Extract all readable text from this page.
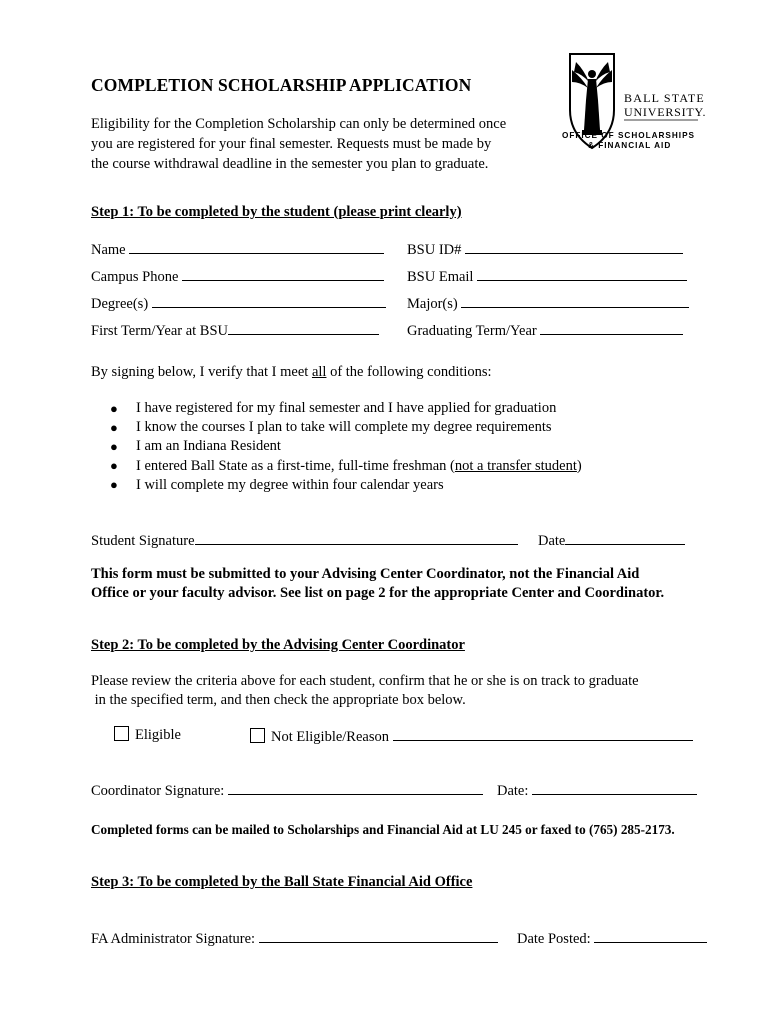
COMPLETION SCHOLARSHIP APPLICATION
Eligibility for the Completion Scholarship can only be determined once
you are registered for your final semester. Requests must be made by
the course withdrawal deadline in the semester you plan to graduate.
BALL STATE
UNIVERSITY.
OFFICE OF SCHOLARSHIPS
& FINANCIAL AID
Step 1: To be completed by the student (please print clearly)
Name	BSU ID#
Campus Phone	BSU Email
Degree(s)	Major(s)
First Term/Year at BSU	Graduating Term/Year
By signing below, I verify that I meet all of the following conditions:
●	I have registered for my final semester and I have applied for graduation
●	I know the courses I plan to take will complete my degree requirements
●	I am an Indiana Resident
●	I entered Ball State as a first-time, full-time freshman ( not a transfer student )
●	I will complete my degree within four calendar years
Student Signature	Date
This form must be submitted to your Advising Center Coordinator, not the Financial Aid
Office or your faculty advisor. See list on page 2 for the appropriate Center and Coordinator.
Step 2: To be completed by the Advising Center Coordinator
Please review the criteria above for each student, confirm that he or she is on track to graduate
in the specified term, and then check the appropriate box below.
Eligible	Not Eligible/Reason
Coordinator Signature:	Date:
Completed forms can be mailed to Scholarships and Financial Aid at LU 245 or faxed to (765) 285-2173.
Step 3: To be completed by the Ball State Financial Aid Office
FA Administrator Signature:	Date Posted:
